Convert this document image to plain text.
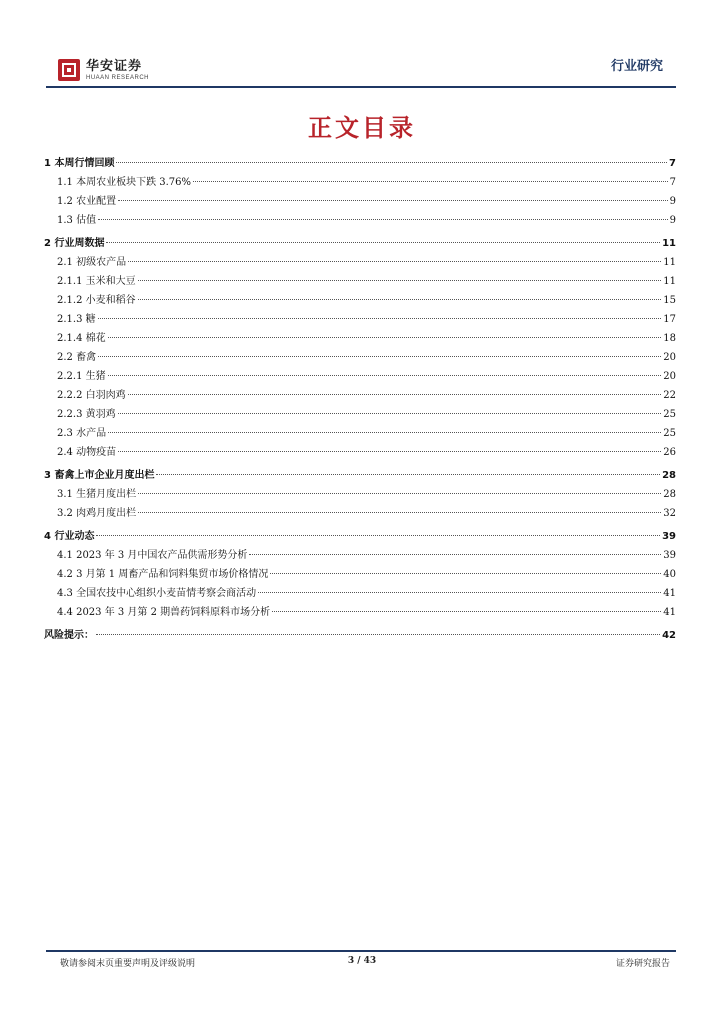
华安证券
HUAAN RESEARCH
行业研究
正文目录
1 本周行情回顾	7
1.1 本周农业板块下跌 3.76%	7
1.2 农业配置	9
1.3 估值	9
2 行业周数据	11
2.1 初级农产品	11
2.1.1 玉米和大豆	11
2.1.2 小麦和稻谷	15
2.1.3 糖	17
2.1.4 棉花	18
2.2 畜禽	20
2.2.1 生猪	20
2.2.2 白羽肉鸡	22
2.2.3 黄羽鸡	25
2.3 水产品	25
2.4 动物疫苗	26
3 畜禽上市企业月度出栏	28
3.1 生猪月度出栏	28
3.2 肉鸡月度出栏	32
4 行业动态	39
4.1 2023 年 3 月中国农产品供需形势分析	39
4.2 3 月第 1 周畜产品和饲料集贸市场价格情况	40
4.3 全国农技中心组织小麦苗情考察会商活动	41
4.4 2023 年 3 月第 2 期兽药饲料原料市场分析	41
风险提示：	42
敬请参阅末页重要声明及评级说明	3 / 43	证券研究报告
